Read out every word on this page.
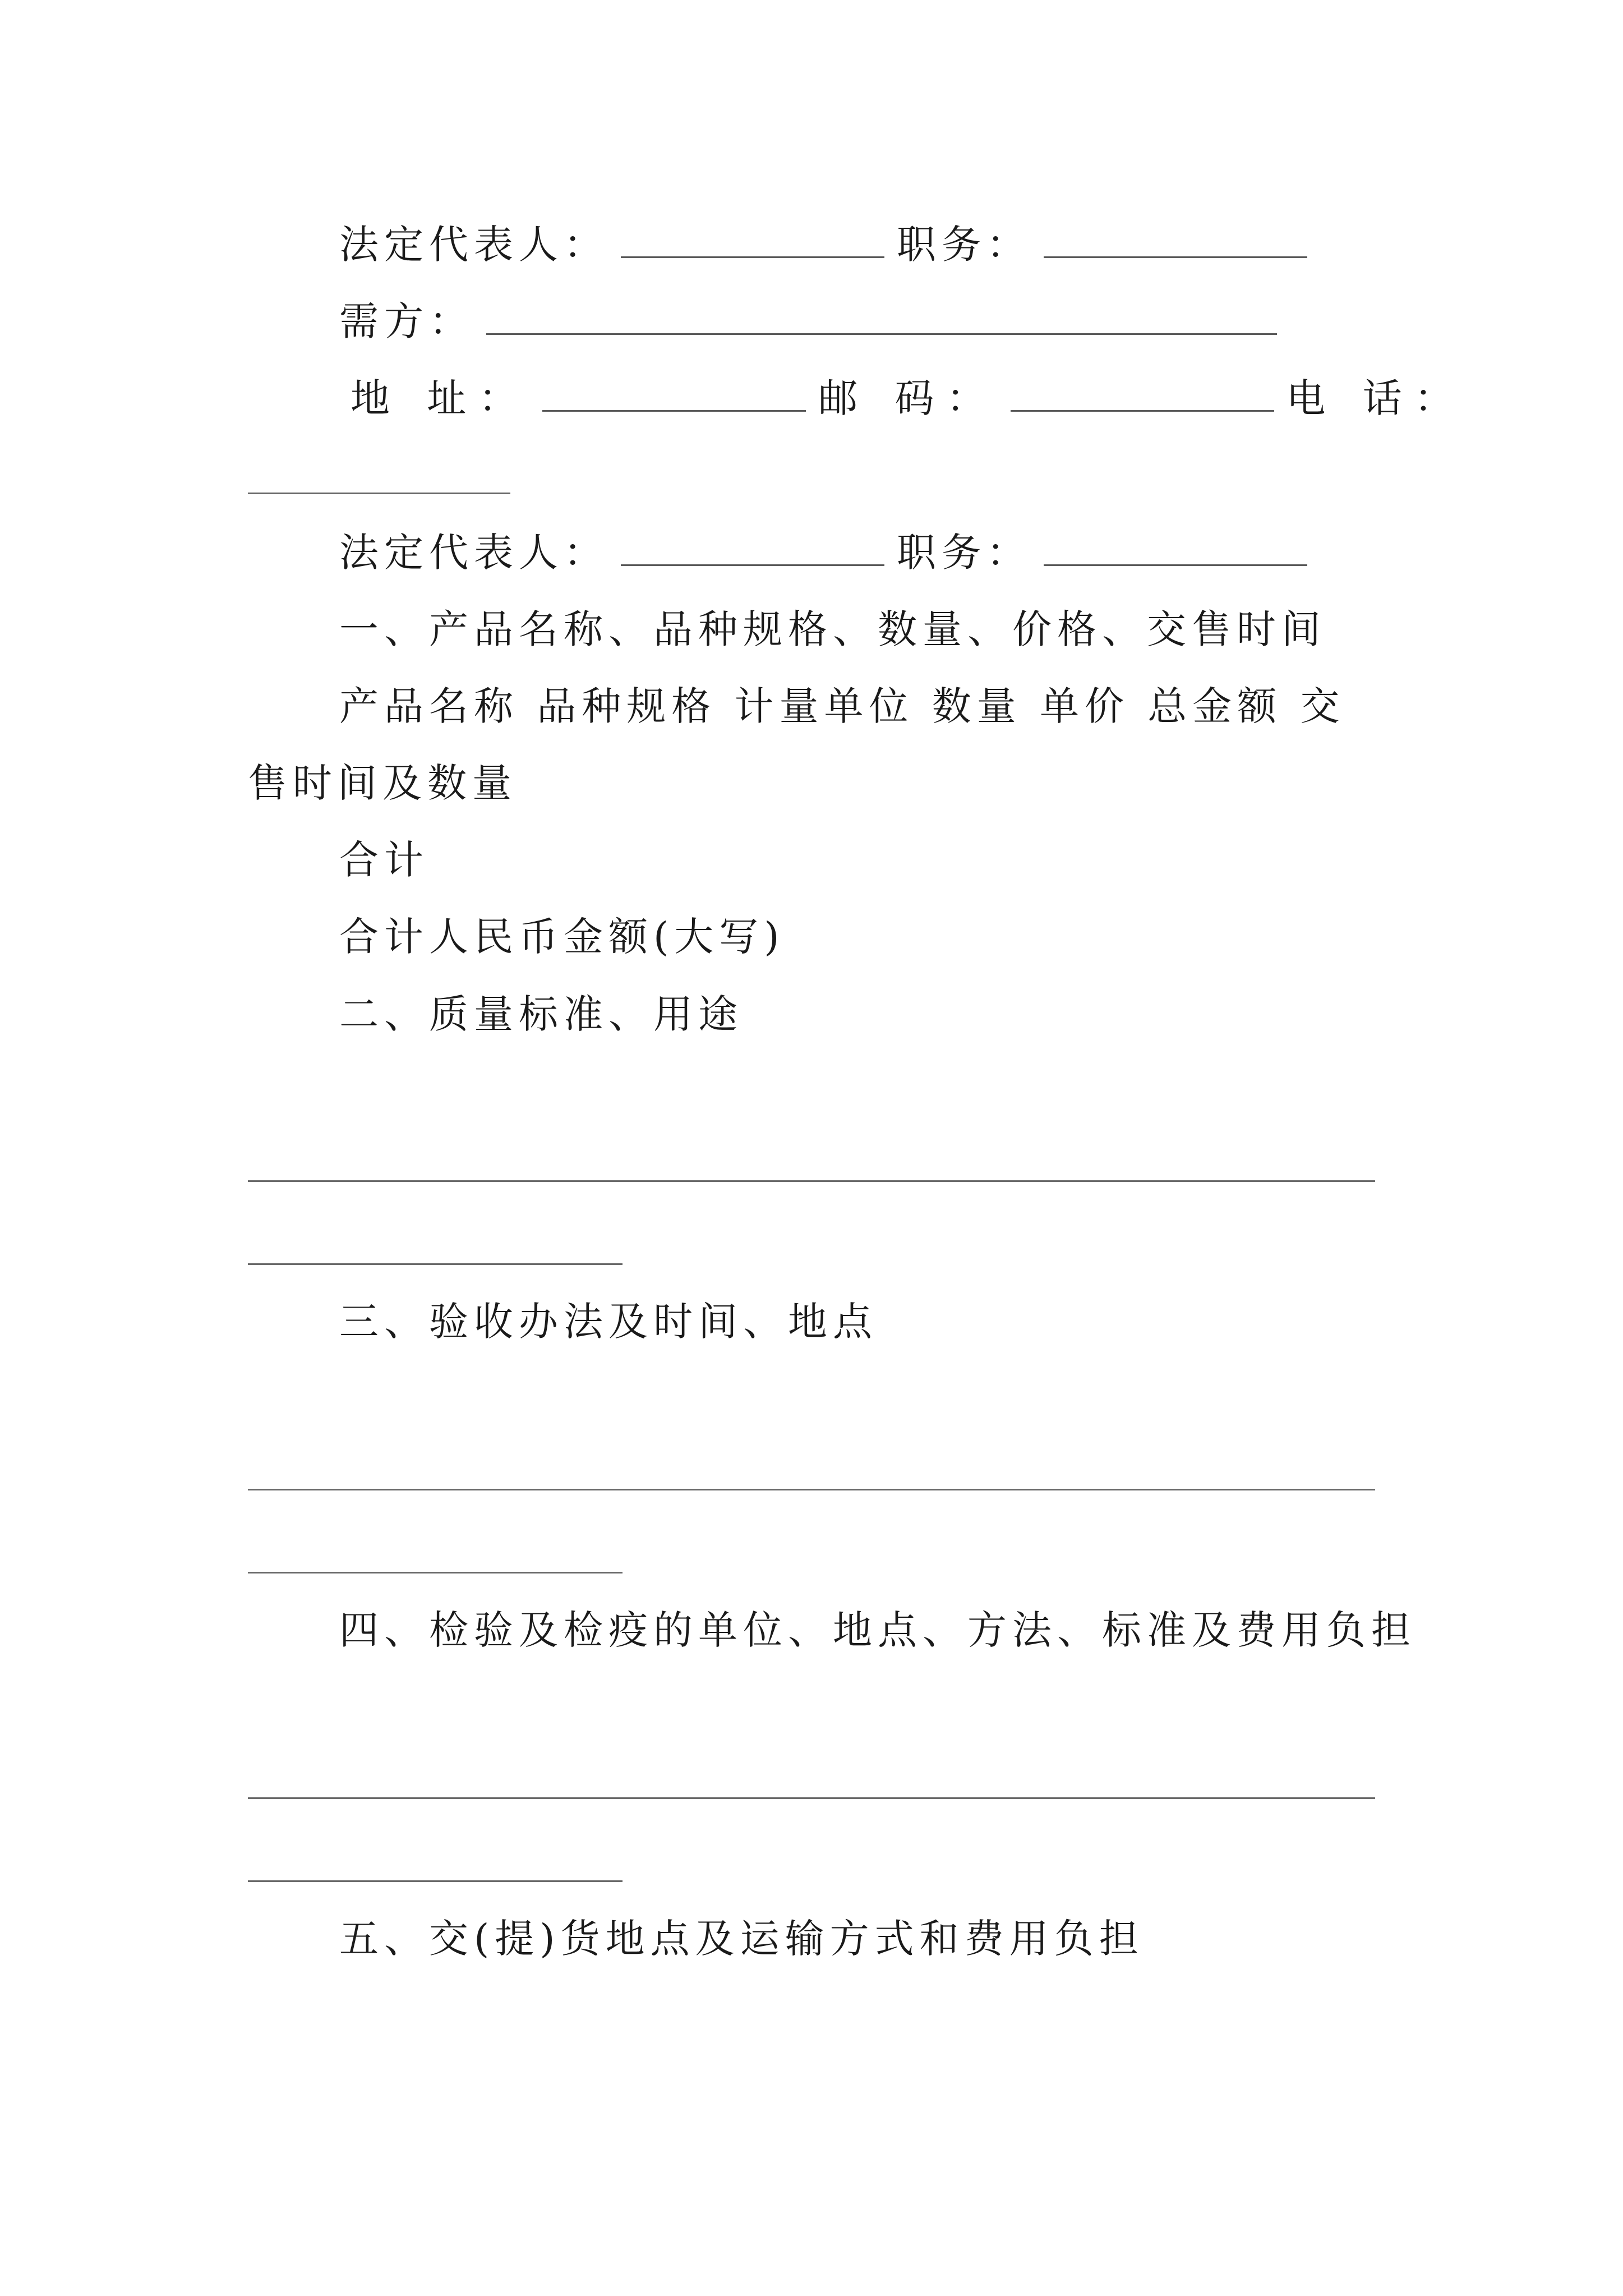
法定代表人：	职务：
需方：
地 址：	邮 码：	电 话：
法定代表人：	职务：
一、产品名称、品种规格、数量、价格、交售时间
产品名称 品种规格 计量单位 数量 单价 总金额 交
售时间及数量
合计
合计人民币金额(大写)
二、质量标准、用途
三、验收办法及时间、地点
四、检验及检疫的单位、地点、方法、标准及费用负担
五、交(提)货地点及运输方式和费用负担
